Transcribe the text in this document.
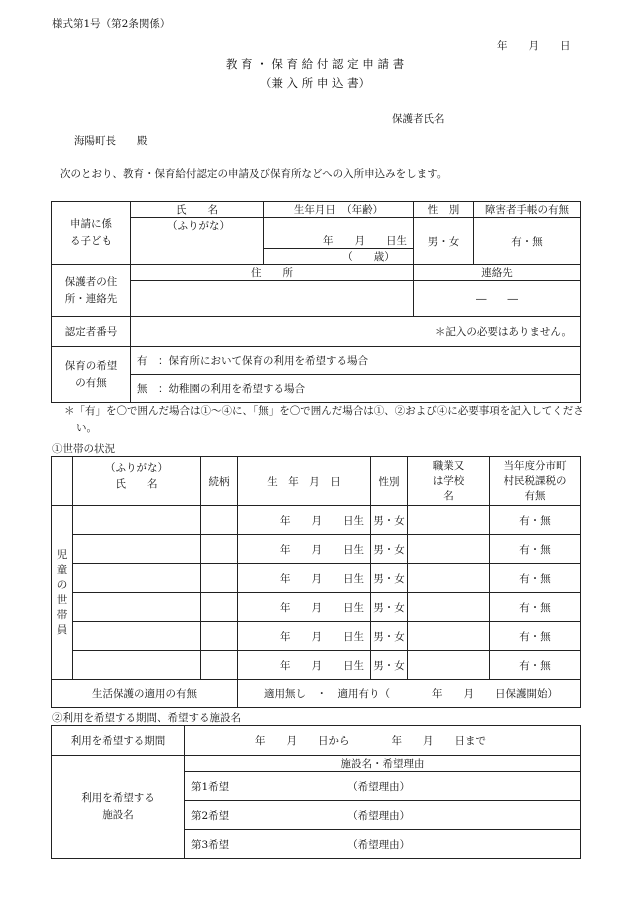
様式第1号（第2条関係）
年　　月　　日
教 育 ・ 保 育 給 付 認 定 申 請 書
（兼 入 所 申 込 書）
保護者氏名
海陽町長　　殿
次のとおり、教育・保育給付認定の申請及び保育所などへの入所申込みをします。
申請に係る子ども	氏　　名	生年月日　（年齢）	性　別	障害者手帳の有無
	（ふりがな）	年　　月　　日生	男・女	有・無
		（　　歳）		

保護者の住所・連絡先	住　　所		連絡先	
			―　　―	
認定者番号	＊記入の必要はありません。			

保育の希望の有無	有　：保育所において保育の利用を希望する場合			
	無　：幼稚園の利用を希望する場合			
＊「有」を〇で囲んだ場合は①～④に、「無」を〇で囲んだ場合は①、②および④に必要事項を記入してください。
①世帯の状況

	（ふりがな）
氏　　名	続柄	生　年　月　日	性別	職業又は学校名	当年度分市町村民税課税の有無

児童の世帯員			年　　月　　日生	男・女		有・無
			年　　月　　日生	男・女		有・無
			年　　月　　日生	男・女		有・無
			年　　月　　日生	男・女		有・無
			年　　月　　日生	男・女		有・無
			年　　月　　日生	男・女		有・無
生活保護の適用の有無			適用無し　・　適用有り（　　　　年　　月　　日保護開始）			
②利用を希望する期間、希望する施設名
利用を希望する期間	年　　月　　日から　　　　年　　月　　日まで

利用を希望する施設名	施設名・希望理由
	第1希望 （希望理由）
	第2希望 （希望理由）
	第3希望 （希望理由）
